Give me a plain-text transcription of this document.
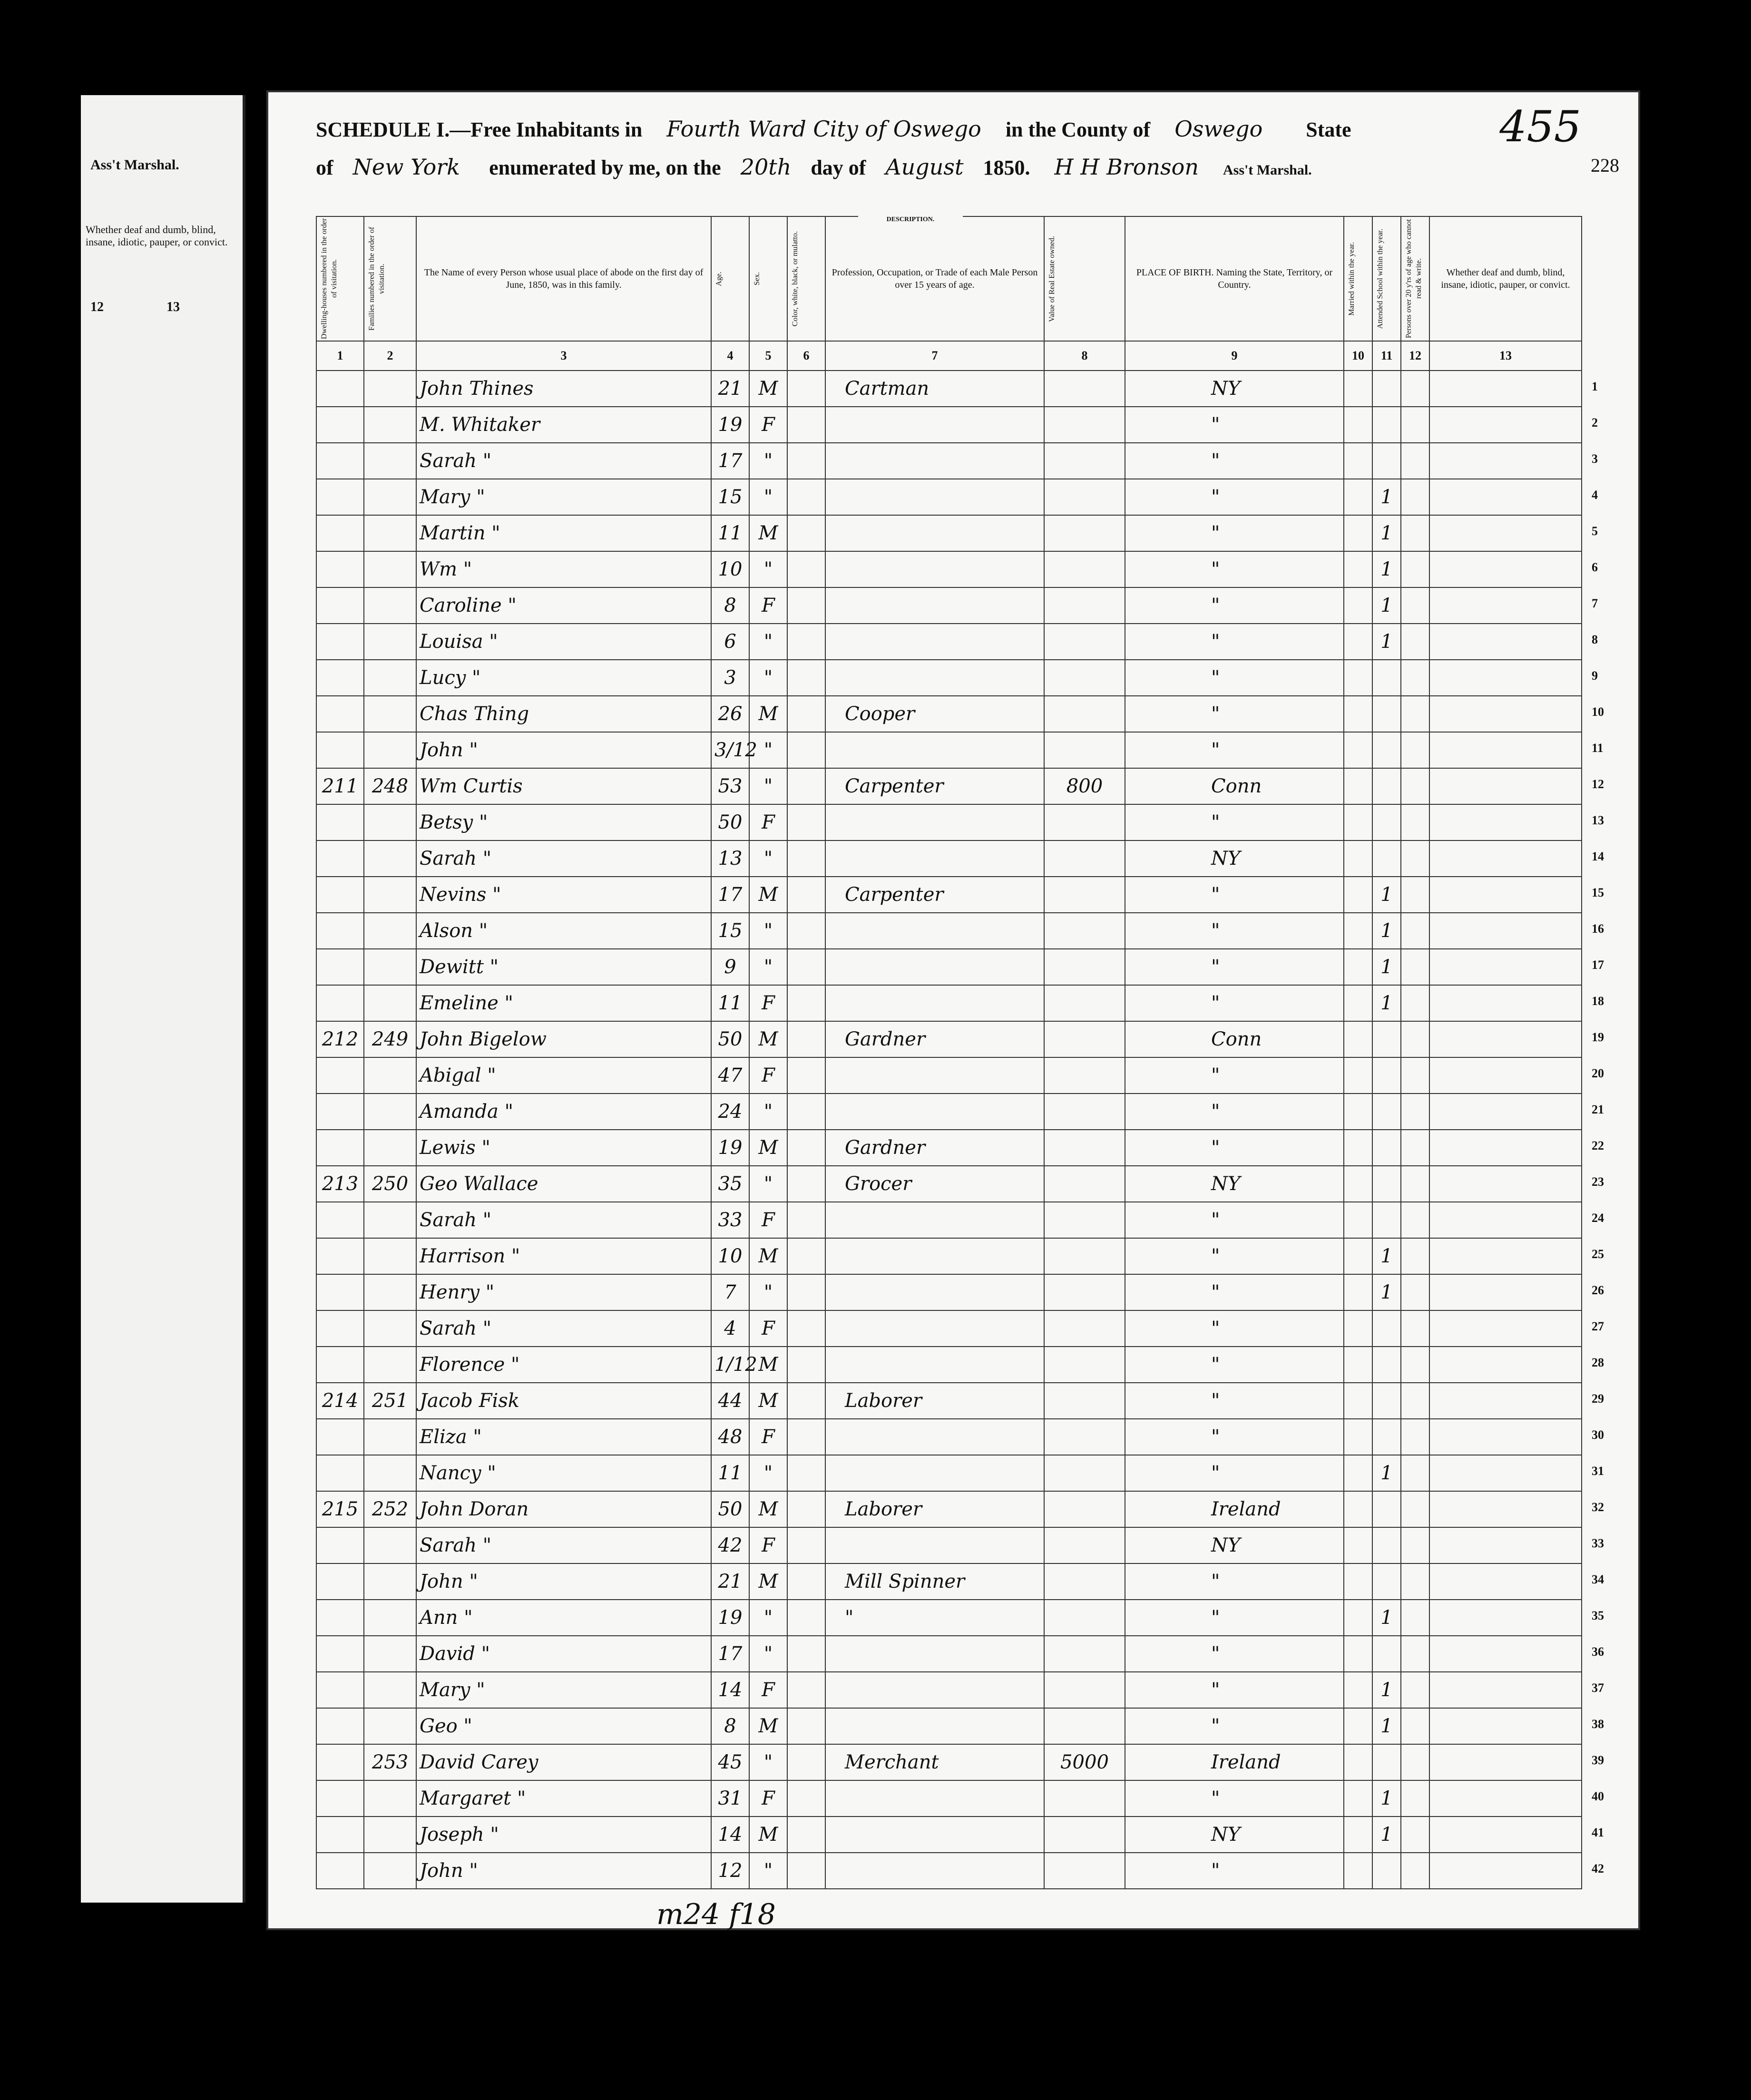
Ass't Marshal.
Whether deaf and dumb, blind, insane, idiotic, pauper, or convict.
12	13
455
228
SCHEDULE I.—Free Inhabitants in Fourth Ward City of Oswego in the County of Oswego State
of New York enumerated by me, on the 20th day of August 1850. H H Bronson Ass't Marshal.
Dwelling-houses numbered in the order of visitation.	Families numbered in the order of visitation.	The Name of every Person whose usual place of abode on the first day of June, 1850, was in this family.	Age.	Sex.	Color, white, black, or mulatto.	Profession, Occupation, or Trade of each Male Person over 15 years of age.	Value of Real Estate owned.	PLACE OF BIRTH. Naming the State, Territory, or Country.	Married within the year.	Attended School within the year.	Persons over 20 y'rs of age who cannot read & write.	Whether deaf and dumb, blind, insane, idiotic, pauper, or convict.
1	2	3	4	5	6	7	8	9	10	11	12	13
		John Thines	21	M		Cartman		NY				
		M. Whitaker	19	F				"				
		Sarah "	17	"				"				
		Mary "	15	"				"		1		
		Martin "	11	M				"		1		
		Wm "	10	"				"		1		
		Caroline "	8	F				"		1		
		Louisa "	6	"				"		1		
		Lucy "	3	"				"				
		Chas Thing	26	M		Cooper		"				
		John "	3/12	"				"				
211	248	Wm Curtis	53	"		Carpenter	800	Conn				
		Betsy "	50	F				"				
		Sarah "	13	"				NY				
		Nevins "	17	M		Carpenter		"		1		
		Alson "	15	"				"		1		
		Dewitt "	9	"				"		1		
		Emeline "	11	F				"		1		
212	249	John Bigelow	50	M		Gardner		Conn				
		Abigal "	47	F				"				
		Amanda "	24	"				"				
		Lewis "	19	M		Gardner		"				
213	250	Geo Wallace	35	"		Grocer		NY				
		Sarah "	33	F				"				
		Harrison "	10	M				"		1		
		Henry "	7	"				"		1		
		Sarah "	4	F				"				
		Florence "	1/12	M				"				
214	251	Jacob Fisk	44	M		Laborer		"				
		Eliza "	48	F				"				
		Nancy "	11	"				"		1		
215	252	John Doran	50	M		Laborer		Ireland				
		Sarah "	42	F				NY				
		John "	21	M		Mill Spinner		"				
		Ann "	19	"		"		"		1		
		David "	17	"				"				
		Mary "	14	F				"		1		
		Geo "	8	M				"		1		
	253	David Carey	45	"		Merchant	5000	Ireland				
		Margaret "	31	F				"		1		
		Joseph "	14	M				NY		1		
		John "	12	"				"				
DESCRIPTION.
1
2
3
4
5
6
7
8
9
10
11
12
13
14
15
16
17
18
19
20
21
22
23
24
25
26
27
28
29
30
31
32
33
34
35
36
37
38
39
40
41
42
m24 f18
